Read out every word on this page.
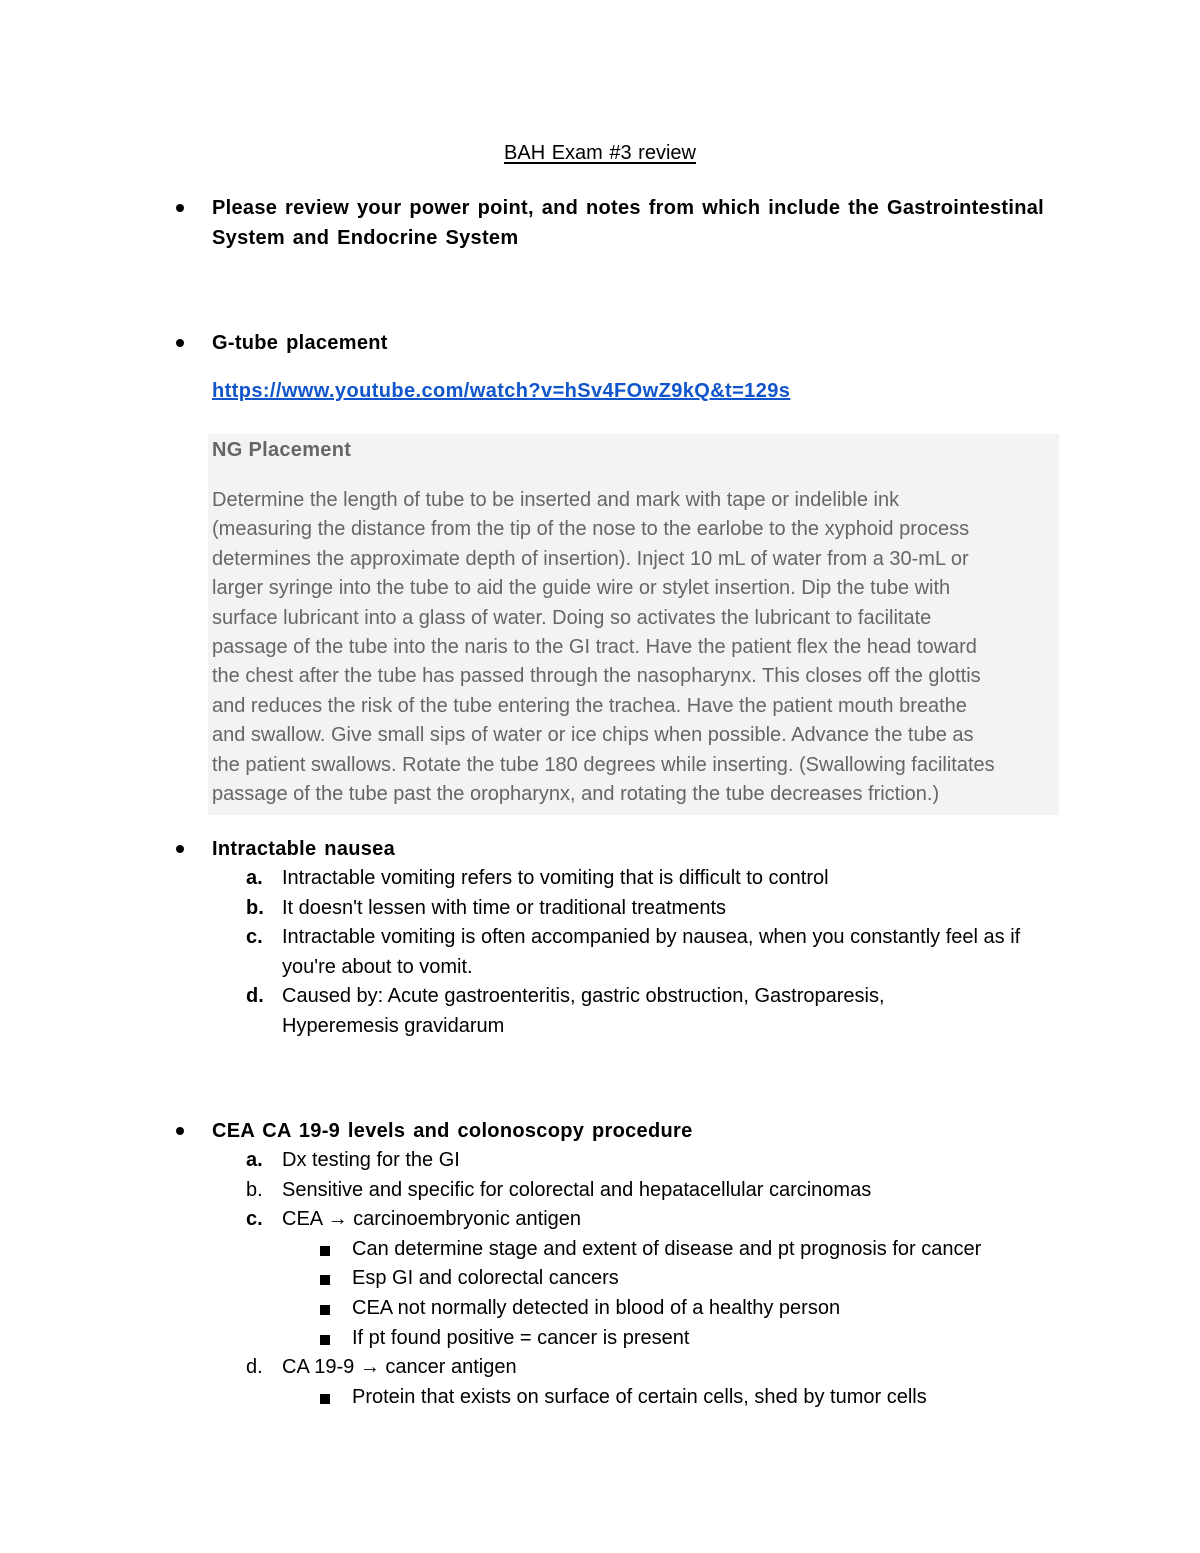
BAH Exam #3 review
Please review your power point, and notes from which include the Gastrointestinal System and Endocrine System
G-tube placement
https://www.youtube.com/watch?v=hSv4FOwZ9kQ&t=129s
NG Placement

Determine the length of tube to be inserted and mark with tape or indelible ink

(measuring the distance from the tip of the nose to the earlobe to the xyphoid process

determines the approximate depth of insertion). Inject 10 mL of water from a 30-mL or

larger syringe into the tube to aid the guide wire or stylet insertion. Dip the tube with

surface lubricant into a glass of water. Doing so activates the lubricant to facilitate

passage of the tube into the naris to the GI tract. Have the patient flex the head toward

the chest after the tube has passed through the nasopharynx. This closes off the glottis

and reduces the risk of the tube entering the trachea. Have the patient mouth breathe

and swallow. Give small sips of water or ice chips when possible. Advance the tube as

the patient swallows. Rotate the tube 180 degrees while inserting. (Swallowing facilitates

passage of the tube past the oropharynx, and rotating the tube decreases friction.)

Intractable nausea
a. Intractable vomiting refers to vomiting that is difficult to control
b. It doesn't lessen with time or traditional treatments
c. Intractable vomiting is often accompanied by nausea, when you constantly feel as if you're about to vomit.
d. Caused by: Acute gastroenteritis, gastric obstruction, Gastroparesis, Hyperemesis gravidarum
CEA CA 19-9 levels and colonoscopy procedure
a. Dx testing for the GI
b. Sensitive and specific for colorectal and hepatacellular carcinomas
c. CEA → carcinoembryonic antigen
Can determine stage and extent of disease and pt prognosis for cancer
Esp GI and colorectal cancers
CEA not normally detected in blood of a healthy person
If pt found positive = cancer is present
d. CA 19-9 → cancer antigen
Protein that exists on surface of certain cells, shed by tumor cells
